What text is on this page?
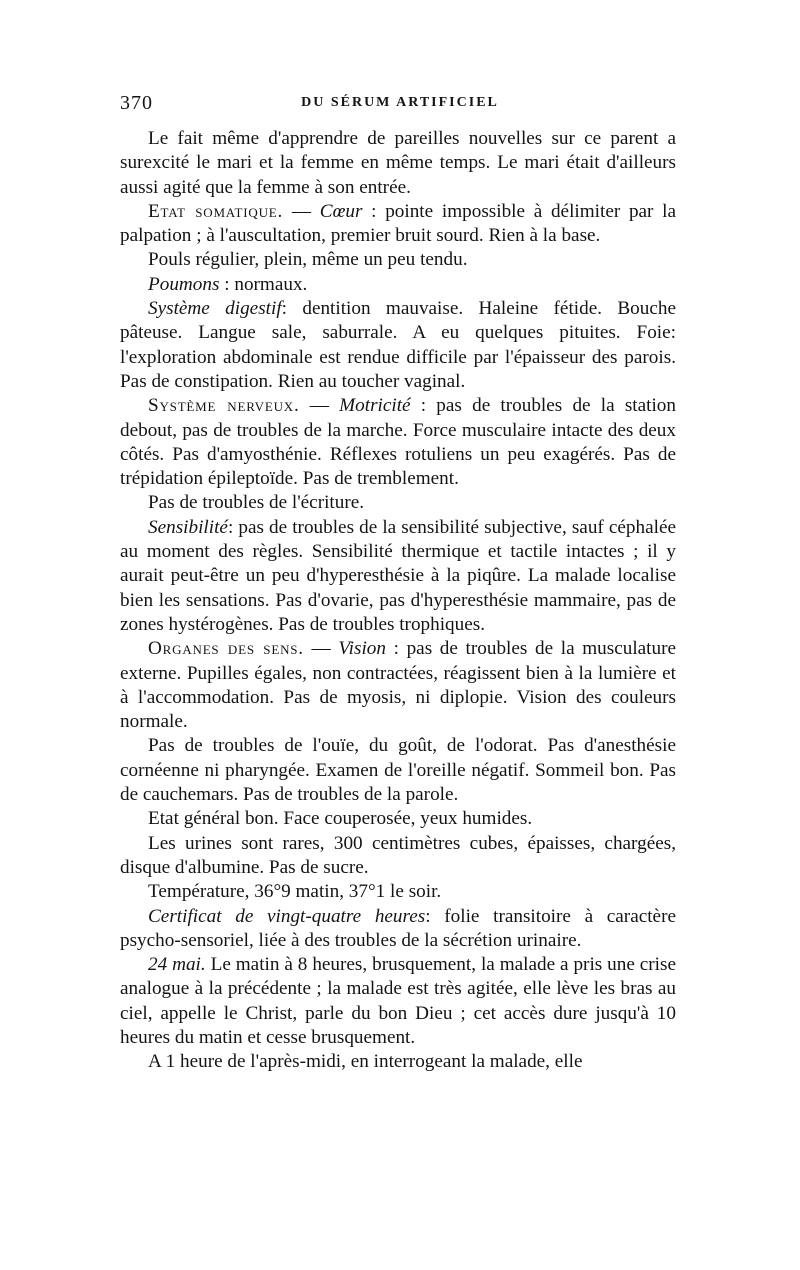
370	DU SÉRUM ARTIFICIEL

Le fait même d'apprendre de pareilles nouvelles sur ce parent a surexcité le mari et la femme en même temps. Le mari était d'ailleurs aussi agité que la femme à son entrée.

Etat somatique. — Cœur : pointe impossible à délimiter par la palpation ; à l'auscultation, premier bruit sourd. Rien à la base.

Pouls régulier, plein, même un peu tendu.

Poumons : normaux.

Système digestif: dentition mauvaise. Haleine fétide. Bouche pâteuse. Langue sale, saburrale. A eu quelques pituites. Foie: l'exploration abdominale est rendue difficile par l'épaisseur des parois. Pas de constipation. Rien au toucher vaginal.

Système nerveux. — Motricité : pas de troubles de la station debout, pas de troubles de la marche. Force musculaire intacte des deux côtés. Pas d'amyosthénie. Réflexes rotuliens un peu exagérés. Pas de trépidation épileptoïde. Pas de tremblement.

Pas de troubles de l'écriture.

Sensibilité: pas de troubles de la sensibilité subjective, sauf céphalée au moment des règles. Sensibilité thermique et tactile intactes ; il y aurait peut-être un peu d'hyperesthésie à la piqûre. La malade localise bien les sensations. Pas d'ovarie, pas d'hyperesthésie mammaire, pas de zones hystérogènes. Pas de troubles trophiques.

Organes des sens. — Vision : pas de troubles de la musculature externe. Pupilles égales, non contractées, réagissent bien à la lumière et à l'accommodation. Pas de myosis, ni diplopie. Vision des couleurs normale.

Pas de troubles de l'ouïe, du goût, de l'odorat. Pas d'anesthésie cornéenne ni pharyngée. Examen de l'oreille négatif. Sommeil bon. Pas de cauchemars. Pas de troubles de la parole.

Etat général bon. Face couperosée, yeux humides.

Les urines sont rares, 300 centimètres cubes, épaisses, chargées, disque d'albumine. Pas de sucre.

Température, 36°9 matin, 37°1 le soir.

Certificat de vingt-quatre heures: folie transitoire à caractère psycho-sensoriel, liée à des troubles de la sécrétion urinaire.

24 mai. Le matin à 8 heures, brusquement, la malade a pris une crise analogue à la précédente ; la malade est très agitée, elle lève les bras au ciel, appelle le Christ, parle du bon Dieu ; cet accès dure jusqu'à 10 heures du matin et cesse brusquement.

A 1 heure de l'après-midi, en interrogeant la malade, elle
